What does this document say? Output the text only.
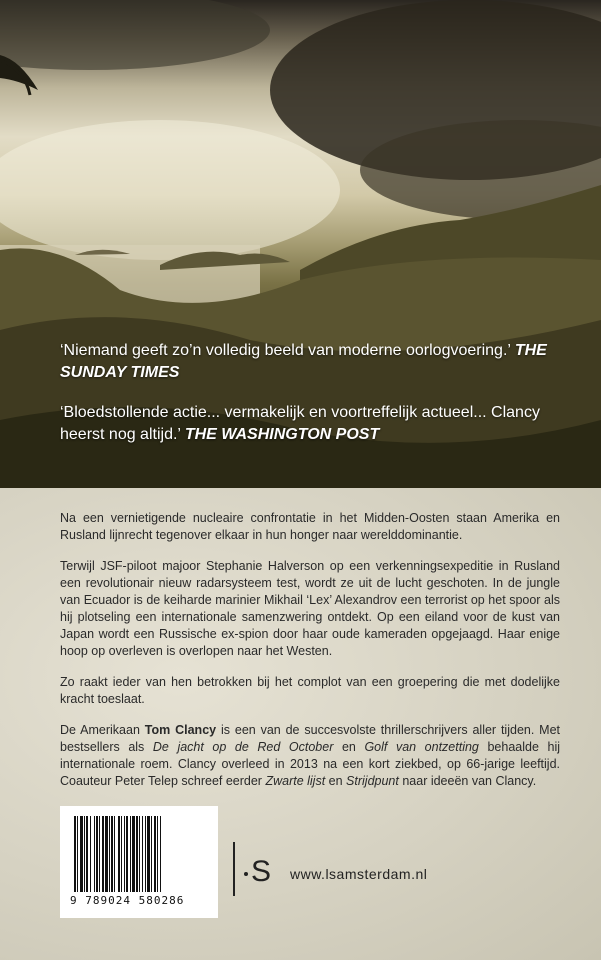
‘Niemand geeft zo’n volledig beeld van moderne oorlogvoering.’ THE SUNDAY TIMES

‘Bloedstollende actie... vermakelijk en voortreffelijk actueel... Clancy heerst nog altijd.’ THE WASHINGTON POST

Na een vernietigende nucleaire confrontatie in het Midden-Oosten staan Amerika en Rusland lijnrecht tegenover elkaar in hun honger naar werelddominantie.

Terwijl JSF-piloot majoor Stephanie Halverson op een verkenningsexpeditie in Rusland een revolutionair nieuw radarsysteem test, wordt ze uit de lucht geschoten. In de jungle van Ecuador is de keiharde marinier Mikhail ‘Lex’ Alexandrov een terrorist op het spoor als hij plotseling een internationale samenzwering ontdekt. Op een eiland voor de kust van Japan wordt een Russische ex-spion door haar oude kameraden opgejaagd. Haar enige hoop op overleven is overlopen naar het Westen.

Zo raakt ieder van hen betrokken bij het complot van een groepering die met dodelijke kracht toeslaat.

De Amerikaan Tom Clancy is een van de succesvolste thrillerschrijvers aller tijden. Met bestsellers als De jacht op de Red October en Golf van ontzetting behaalde hij internationale roem. Clancy overleed in 2013 na een kort ziekbed, op 66-jarige leeftijd. Coauteur Peter Telep schreef eerder Zwarte lijst en Strijdpunt naar ideeën van Clancy.

9 789024 580286
S www.lsamsterdam.nl
